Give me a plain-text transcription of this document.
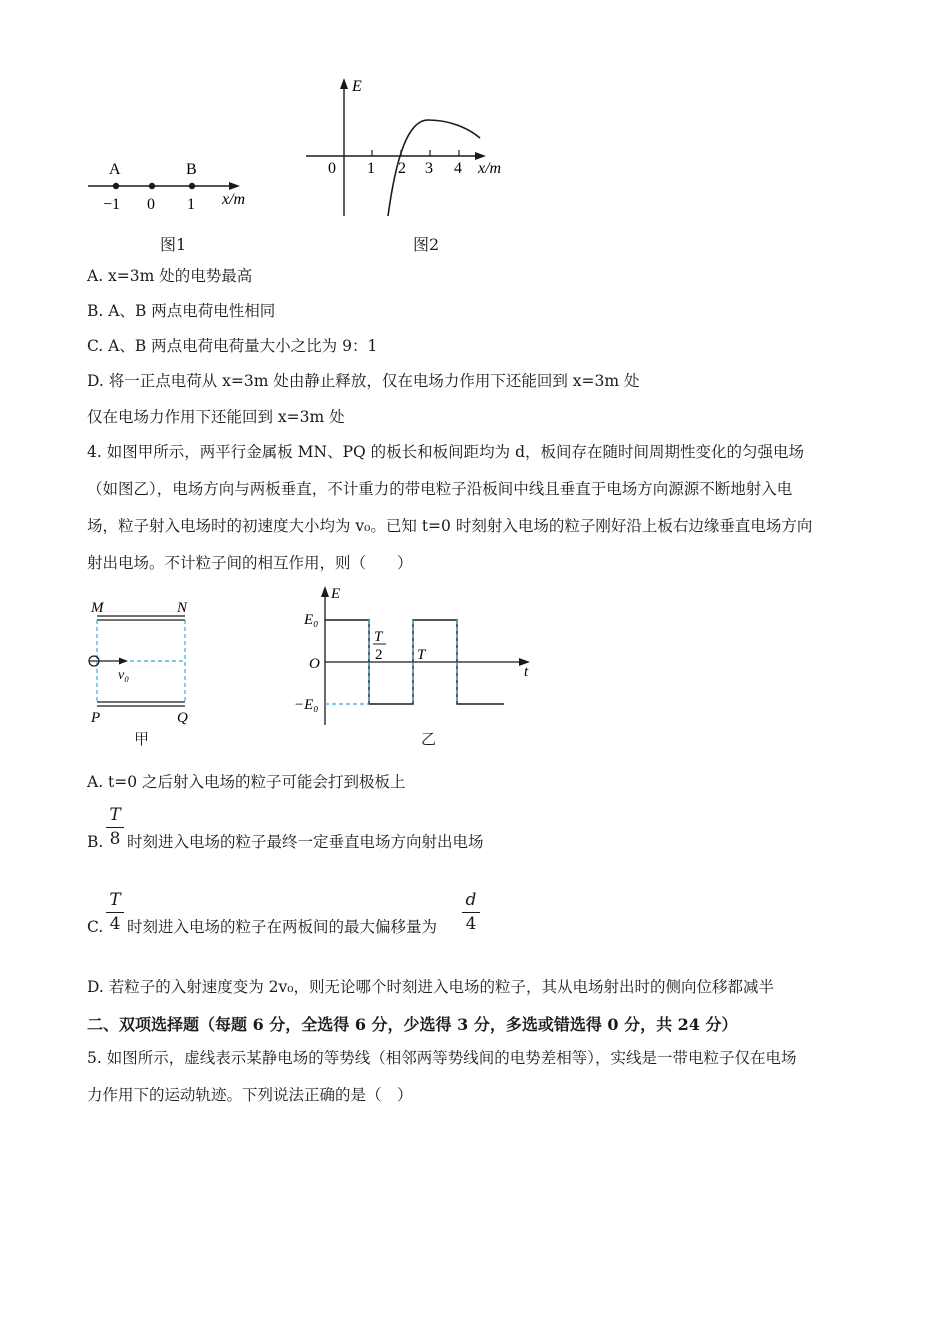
A	B
−1 0 1 x/m
图1
E
0 1 2 3 4 x/m
图2
A. x=3m 处的电势最高
B. A、B 两点电荷电性相同
C. A、B 两点电荷电荷量大小之比为 9：1
D. 将一正点电荷从 x=3m 处由静止释放，仅在电场力作用下还能回到 x=3m 处
仅在电场力作用下还能回到 x=3m 处
4. 如图甲所示，两平行金属板 MN、PQ 的板长和板间距均为 d，板间存在随时间周期性变化的匀强电场
（如图乙），电场方向与两板垂直，不计重力的带电粒子沿板间中线且垂直于电场方向源源不断地射入电
场，粒子射入电场时的初速度大小均为 v₀。已知 t=0 时刻射入电场的粒子刚好沿上板右边缘垂直电场方向
射出电场。不计粒子间的相互作用，则（　　）
M	N
P	Q
v₀
甲
E
E₀
O
−E₀
t
T
2 T
乙
A. t=0 之后射入电场的粒子可能会打到极板上
B.
T
8 时刻进入电场的粒子最终一定垂直电场方向射出电场
C.
T
4 时刻进入电场的粒子在两板间的最大偏移量为
d
4
D. 若粒子的入射速度变为 2v₀，则无论哪个时刻进入电场的粒子，其从电场射出时的侧向位移都减半
二、双项选择题（每题 6 分，全选得 6 分，少选得 3 分，多选或错选得 0 分，共 24 分）
5. 如图所示，虚线表示某静电场的等势线（相邻两等势线间的电势差相等），实线是一带电粒子仅在电场
力作用下的运动轨迹。下列说法正确的是（　）
